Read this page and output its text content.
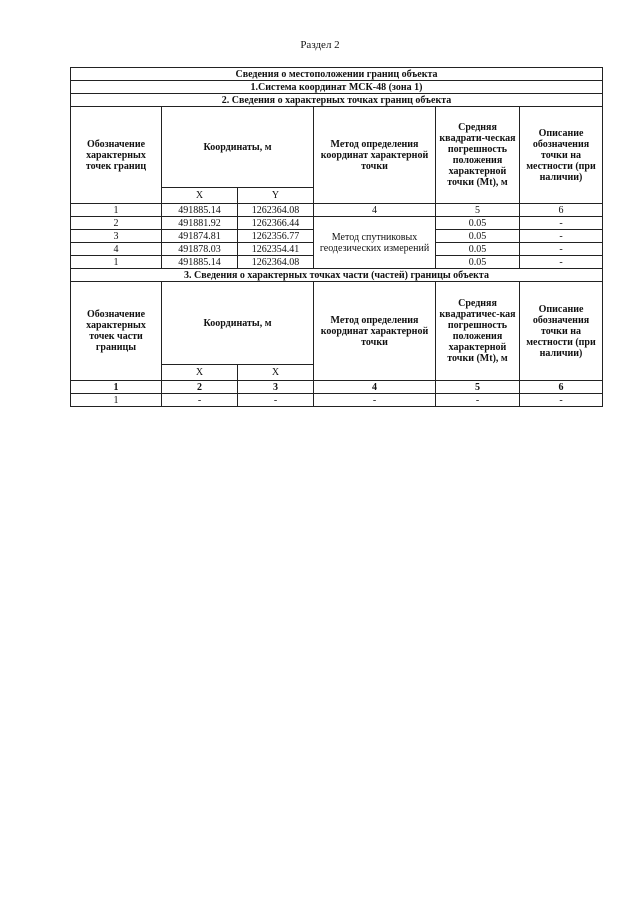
Раздел 2
Сведения о местоположении границ объекта					
1.Система координат МСК-48 (зона 1)					
2. Сведения о характерных точках границ объекта					
Обозначение характерных точек границ	Координаты, м		Метод определения координат характерной точки	Средняя квадрати-ческая погрешность положения характерной точки (Mt), м	Описание обозначения точки на местности (при наличии)
	X	Y			
1	491885.14	1262364.08	4	5	6
2	491881.92	1262366.44	Метод спутниковых геодезических измерений	0.05	-
3	491874.81	1262356.77		0.05	-
4	491878.03	1262354.41		0.05	-
1	491885.14	1262364.08		0.05	-
3. Сведения о характерных точках части (частей) границы объекта					
Обозначение характерных точек части границы	Координаты, м		Метод определения координат характерной точки	Средняя квадратичес-кая погрешность положения характерной точки (Mt), м	Описание обозначения точки на местности (при наличии)
	X	X			
1	2	3	4	5	6
1	-	-	-	-	-
